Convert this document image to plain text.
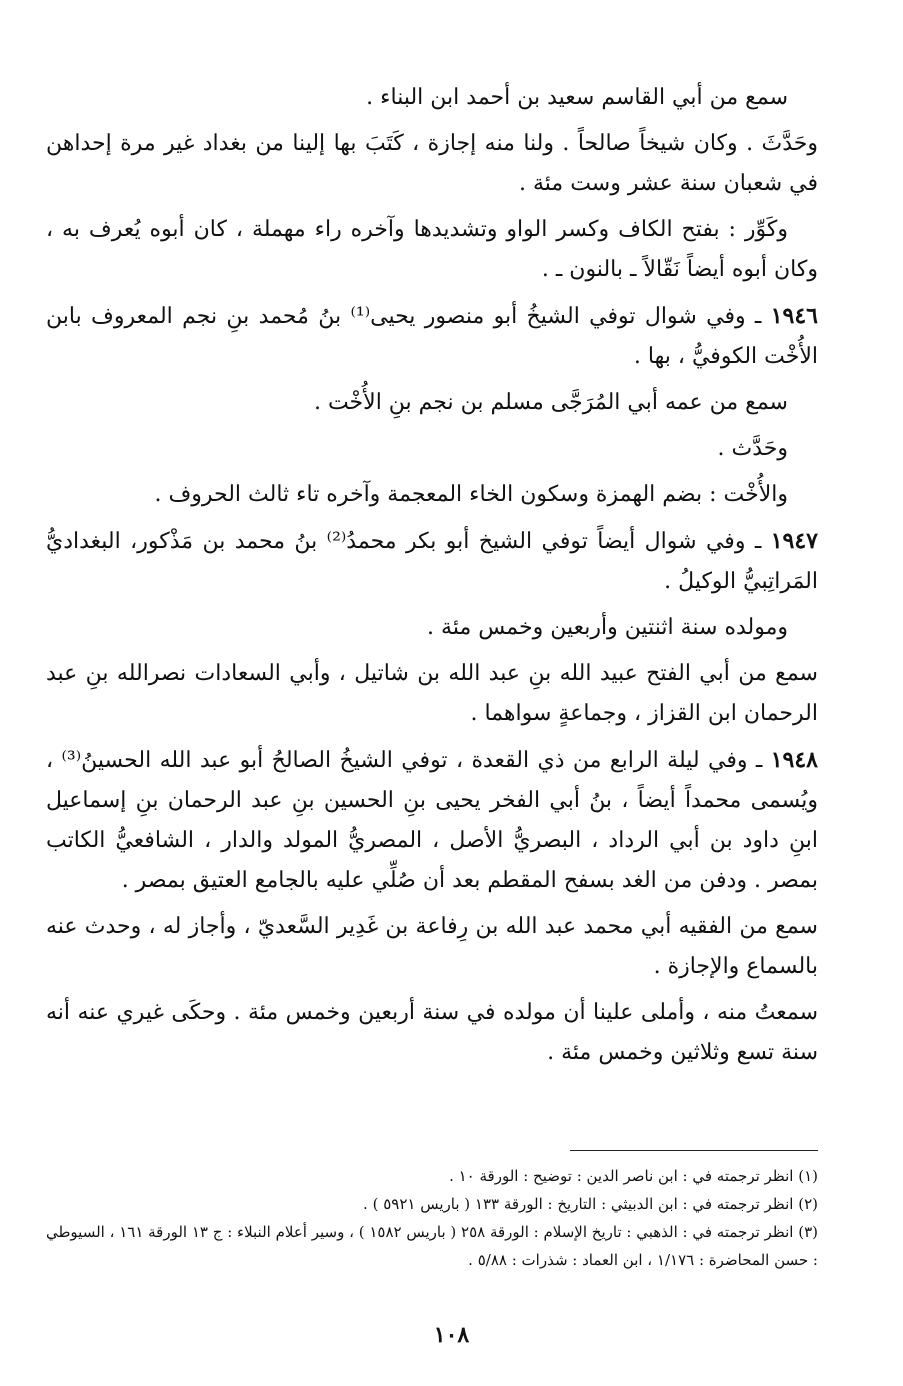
سمع من أبي القاسم سعيد بن أحمد ابن البناء .

وحَدَّثَ . وكان شيخاً صالحاً . ولنا منه إجازة ، كَتَبَ بها إلينا من بغداد غير مرة إحداهن في شعبان سنة عشر وست مئة .

وكَوِّر : بفتح الكاف وكسر الواو وتشديدها وآخره راء مهملة ، كان أبوه يُعرف به ، وكان أبوه أيضاً نَقّالاً ـ بالنون ـ .

١٩٤٦ ـ وفي شوال توفي الشيخُ أبو منصور يحيى⁽¹⁾ بنُ مُحمد بنِ نجم المعروف بابن الأُخْت الكوفيُّ ، بها .

سمع من عمه أبي المُرَجَّى مسلم بن نجم بنِ الأُخْت .

وحَدَّث .

والأُخْت : بضم الهمزة وسكون الخاء المعجمة وآخره تاء ثالث الحروف .

١٩٤٧ ـ وفي شوال أيضاً توفي الشيخ أبو بكر محمدُ⁽²⁾ بنُ محمد بن مَذْكور، البغداديُّ المَراتِبيُّ الوكيلُ .

ومولده سنة اثنتين وأربعين وخمس مئة .

سمع من أبي الفتح عبيد الله بنِ عبد الله بن شاتيل ، وأبي السعادات نصرالله بنِ عبد الرحمان ابن القزاز ، وجماعةٍ سواهما .

١٩٤٨ ـ وفي ليلة الرابع من ذي القعدة ، توفي الشيخُ الصالحُ أبو عبد الله الحسينُ⁽³⁾ ، ويُسمى محمداً أيضاً ، بنُ أبي الفخر يحيى بنِ الحسين بنِ عبد الرحمان بنِ إسماعيل ابنِ داود بن أبي الرداد ، البصريُّ الأصل ، المصريُّ المولد والدار ، الشافعيُّ الكاتب بمصر . ودفن من الغد بسفح المقطم بعد أن صُلِّي عليه بالجامع العتيق بمصر .

سمع من الفقيه أبي محمد عبد الله بن رِفاعة بن غَدِير السَّعديّ ، وأجاز له ، وحدث عنه بالسماع والإجازة .

سمعتُ منه ، وأملى علينا أن مولده في سنة أربعين وخمس مئة . وحكَى غيري عنه أنه سنة تسع وثلاثين وخمس مئة .

(١) انظر ترجمته في : ابن ناصر الدين : توضيح : الورقة ١٠ .

(٢) انظر ترجمته في : ابن الدبيثي : التاريخ : الورقة ١٣٣ ( باريس ٥٩٢١ ) .

(٣) انظر ترجمته في : الذهبي : تاريخ الإسلام : الورقة ٢٥٨ ( باريس ١٥٨٢ ) ، وسير أعلام النبلاء : ج ١٣ الورقة ١٦١ ، السيوطي : حسن المحاضرة : ١/١٧٦ ، ابن العماد : شذرات : ٥/٨٨ .

١٠٨
